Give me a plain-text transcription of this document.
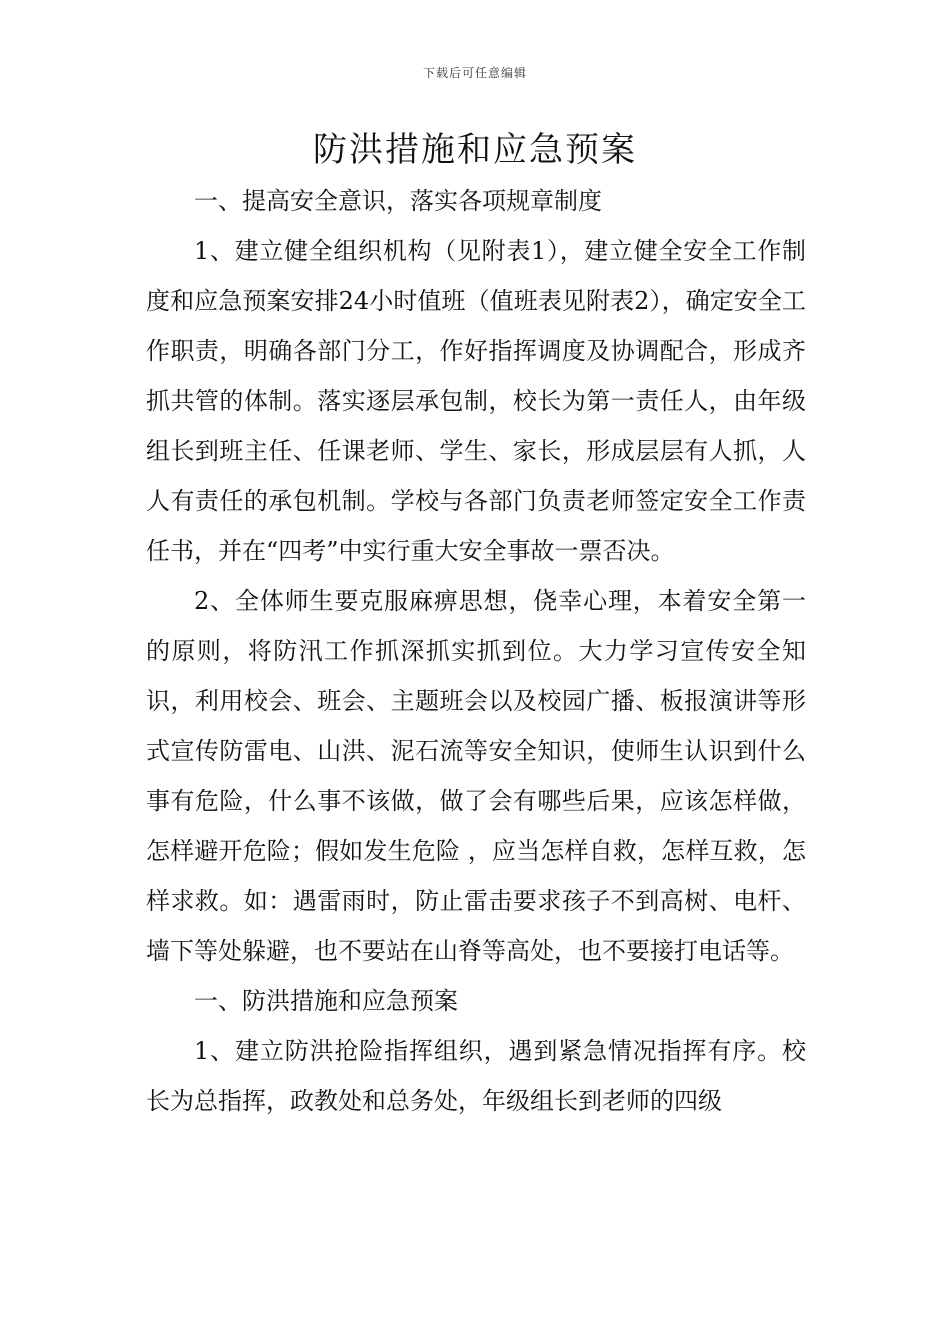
下载后可任意编辑
防洪措施和应急预案

一、提高安全意识，落实各项规章制度

1、建立健全组织机构（见附表1），建立健全安全工作制度和应急预案安排24小时值班（值班表见附表2），确定安全工作职责，明确各部门分工，作好指挥调度及协调配合，形成齐抓共管的体制。落实逐层承包制，校长为第一责任人，由年级组长到班主任、任课老师、学生、家长，形成层层有人抓，人人有责任的承包机制。学校与各部门负责老师签定安全工作责任书，并在“四考”中实行重大安全事故一票否决。

2、全体师生要克服麻痹思想，侥幸心理，本着安全第一的原则，将防汛工作抓深抓实抓到位。大力学习宣传安全知识，利用校会、班会、主题班会以及校园广播、板报演讲等形式宣传防雷电、山洪、泥石流等安全知识，使师生认识到什么事有危险，什么事不该做，做了会有哪些后果，应该怎样做，怎样避开危险；假如发生危险 ，应当怎样自救，怎样互救，怎样求救。如：遇雷雨时，防止雷击要求孩子不到高树、电杆、墙下等处躲避，也不要站在山脊等高处，也不要接打电话等。

一、防洪措施和应急预案

1、建立防洪抢险指挥组织，遇到紧急情况指挥有序。校长为总指挥，政教处和总务处，年级组长到老师的四级
